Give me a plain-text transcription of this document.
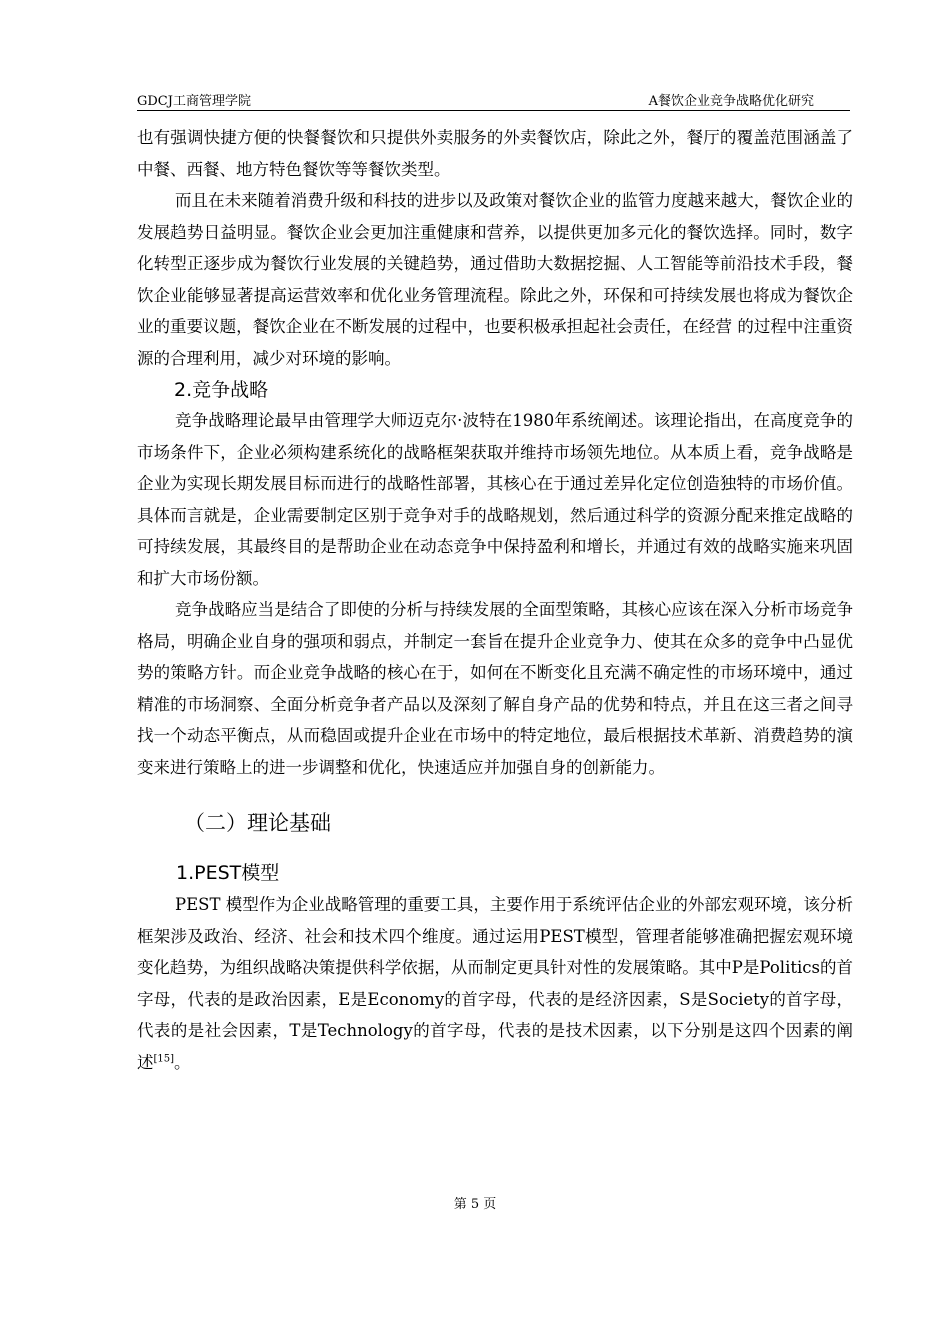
GDCJ工商管理学院	A餐饮企业竞争战略优化研究

也有强调快捷方便的快餐餐饮和只提供外卖服务的外卖餐饮店，除此之外，餐厅的覆盖范围涵盖了中餐、西餐、地方特色餐饮等等餐饮类型。

而且在未来随着消费升级和科技的进步以及政策对餐饮企业的监管力度越来越大，餐饮企业的发展趋势日益明显。餐饮企业会更加注重健康和营养，以提供更加多元化的餐饮选择。同时，数字化转型正逐步成为餐饮行业发展的关键趋势，通过借助大数据挖掘、人工智能等前沿技术手段，餐饮企业能够显著提高运营效率和优化业务管理流程。除此之外，环保和可持续发展也将成为餐饮企业的重要议题，餐饮企业在不断发展的过程中，也要积极承担起社会责任，在经营 的过程中注重资源的合理利用，减少对环境的影响。

2.竞争战略

竞争战略理论最早由管理学大师迈克尔·波特在1980年系统阐述。该理论指出，在高度竞争的市场条件下，企业必须构建系统化的战略框架获取并维持市场领先地位。从本质上看，竞争战略是企业为实现长期发展目标而进行的战略性部署，其核心在于通过差异化定位创造独特的市场价值。具体而言就是，企业需要制定区别于竞争对手的战略规划，然后通过科学的资源分配来推定战略的可持续发展，其最终目的是帮助企业在动态竞争中保持盈利和增长，并通过有效的战略实施来巩固和扩大市场份额。

竞争战略应当是结合了即使的分析与持续发展的全面型策略，其核心应该在深入分析市场竞争格局，明确企业自身的强项和弱点，并制定一套旨在提升企业竞争力、使其在众多的竞争中凸显优势的策略方针。而企业竞争战略的核心在于，如何在不断变化且充满不确定性的市场环境中，通过精准的市场洞察、全面分析竞争者产品以及深刻了解自身产品的优势和特点，并且在这三者之间寻找一个动态平衡点，从而稳固或提升企业在市场中的特定地位，最后根据技术革新、消费趋势的演变来进行策略上的进一步调整和优化，快速适应并加强自身的创新能力。

（二）理论基础
1.PEST模型

PEST 模型作为企业战略管理的重要工具，主要作用于系统评估企业的外部宏观环境，该分析框架涉及政治、经济、社会和技术四个维度。通过运用PEST模型，管理者能够准确把握宏观环境变化趋势，为组织战略决策提供科学依据，从而制定更具针对性的发展策略。其中P是Politics的首字母，代表的是政治因素，E是Economy的首字母，代表的是经济因素，S是Society的首字母，代表的是社会因素，T是Technology的首字母，代表的是技术因素，以下分别是这四个因素的阐述[15]。

第 5 页
